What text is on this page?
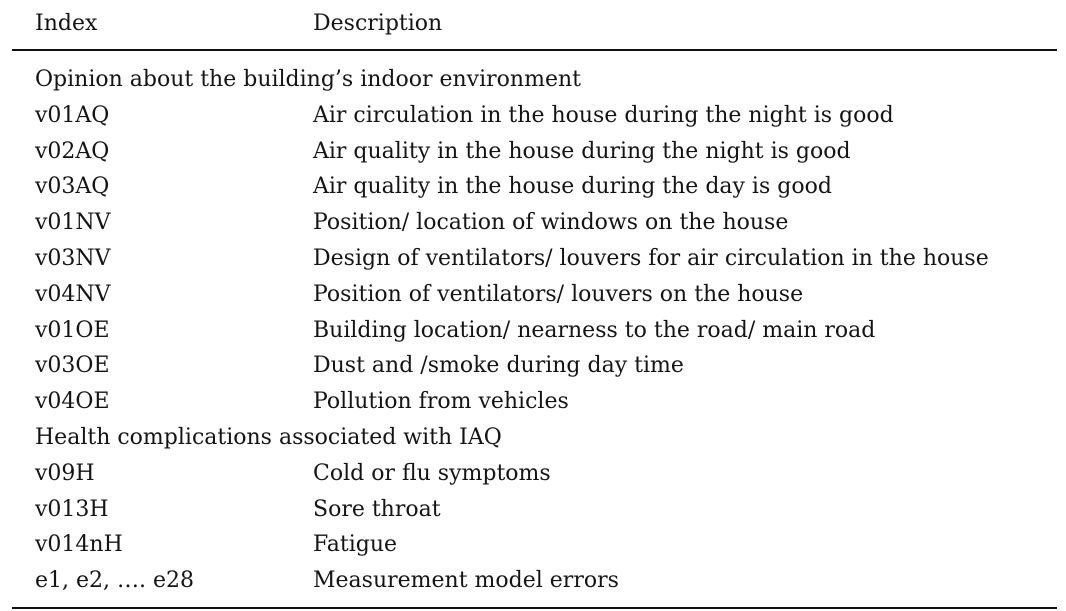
Index	Description
Opinion about the building’s indoor environment
v01AQ	Air circulation in the house during the night is good
v02AQ	Air quality in the house during the night is good
v03AQ	Air quality in the house during the day is good
v01NV	Position/ location of windows on the house
v03NV	Design of ventilators/ louvers for air circulation in the house
v04NV	Position of ventilators/ louvers on the house
v01OE	Building location/ nearness to the road/ main road
v03OE	Dust and /smoke during day time
v04OE	Pollution from vehicles
Health complications associated with IAQ
v09H	Cold or flu symptoms
v013H	Sore throat
v014nH	Fatigue
e1, e2, …. e28	Measurement model errors
